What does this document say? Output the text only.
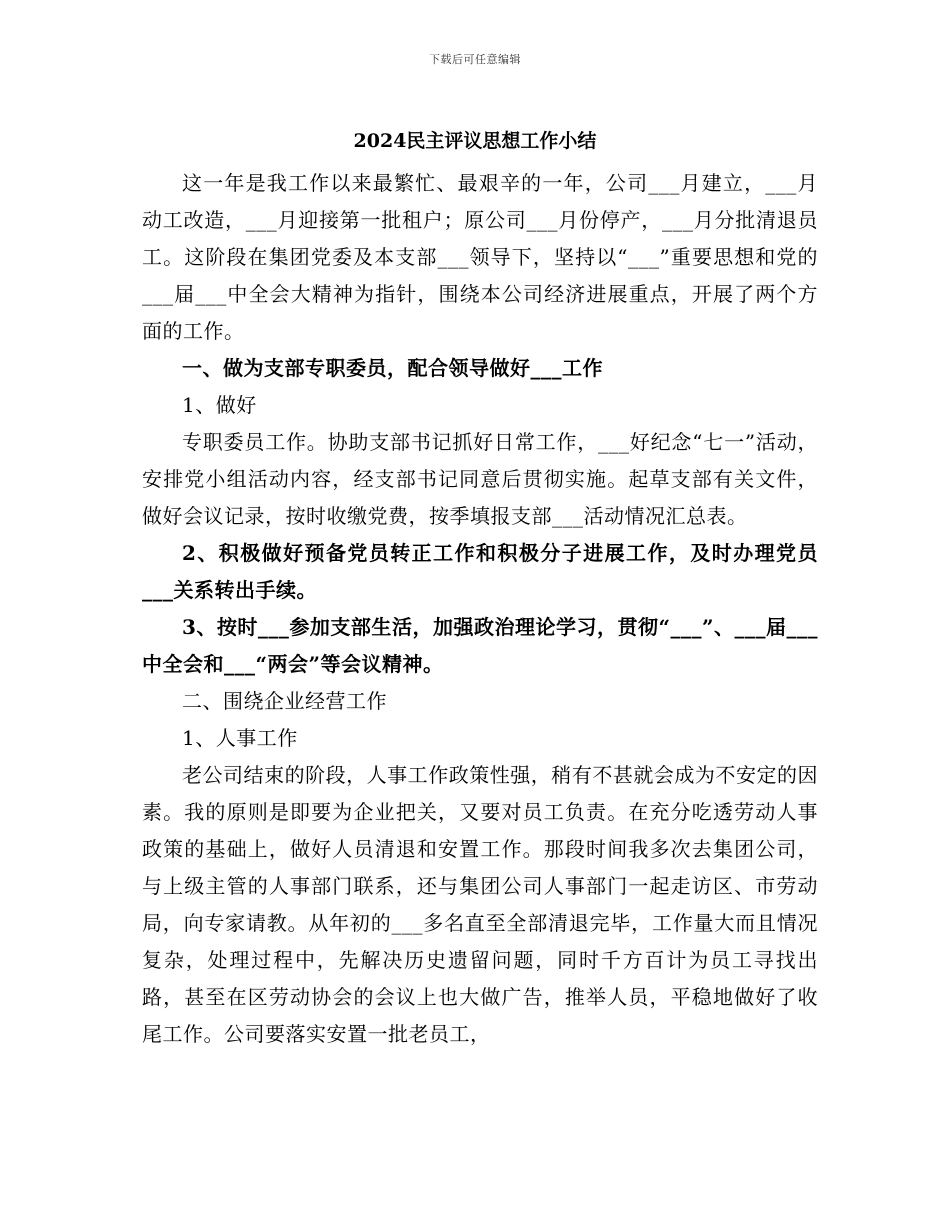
下载后可任意编辑
2024民主评议思想工作小结

这一年是我工作以来最繁忙、最艰辛的一年，公司___月建立，___月动工改造，___月迎接第一批租户；原公司___月份停产，___月分批清退员工。这阶段在集团党委及本支部___领导下，坚持以“___”重要思想和党的___届___中全会大精神为指针，围绕本公司经济进展重点，开展了两个方面的工作。

一、做为支部专职委员，配合领导做好___工作

1、做好

专职委员工作。协助支部书记抓好日常工作，___好纪念“七一”活动，安排党小组活动内容，经支部书记同意后贯彻实施。起草支部有关文件，做好会议记录，按时收缴党费，按季填报支部___活动情况汇总表。

2、积极做好预备党员转正工作和积极分子进展工作，及时办理党员___关系转出手续。

3、按时___参加支部生活，加强政治理论学习，贯彻“___”、___届___中全会和___“两会”等会议精神。

二、围绕企业经营工作

1、人事工作

老公司结束的阶段，人事工作政策性强，稍有不甚就会成为不安定的因素。我的原则是即要为企业把关，又要对员工负责。在充分吃透劳动人事政策的基础上，做好人员清退和安置工作。那段时间我多次去集团公司，与上级主管的人事部门联系，还与集团公司人事部门一起走访区、市劳动局，向专家请教。从年初的___多名直至全部清退完毕，工作量大而且情况复杂，处理过程中，先解决历史遗留问题，同时千方百计为员工寻找出路，甚至在区劳动协会的会议上也大做广告，推举人员，平稳地做好了收尾工作。公司要落实安置一批老员工，
